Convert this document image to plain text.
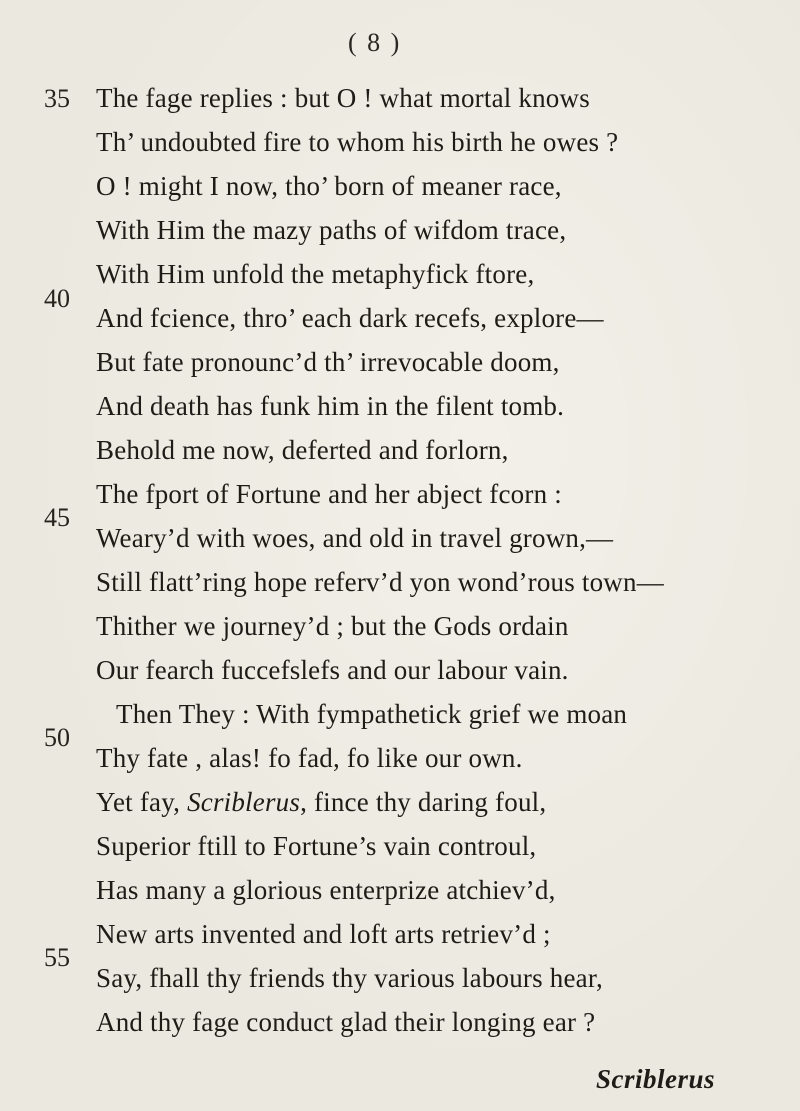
( 8 )
35
40
45
50
55
The fage replies : but O ! what mortal knows
Th’ undoubted fire to whom his birth he owes ?
O ! might I now, tho’ born of meaner race,
With Him the mazy paths of wifdom trace,
With Him unfold the metaphyfick ftore,
And fcience, thro’ each dark recefs, explore—
But fate pronounc’d th’ irrevocable doom,
And death has funk him in the filent tomb.
Behold me now, deferted and forlorn,
The fport of Fortune and her abject fcorn :
Weary’d with woes, and old in travel grown,—
Still flatt’ring hope referv’d yon wond’rous town—
Thither we journey’d ; but the Gods ordain
Our fearch fuccefslefs and our labour vain.
Then They : With fympathetick grief we moan
Thy fate , alas! fo fad, fo like our own.
Yet fay, Scriblerus, fince thy daring foul,
Superior ftill to Fortune’s vain controul,
Has many a glorious enterprize atchiev’d,
New arts invented and loft arts retriev’d ;
Say, fhall thy friends thy various labours hear,
And thy fage conduct glad their longing ear ?
Scriblerus
